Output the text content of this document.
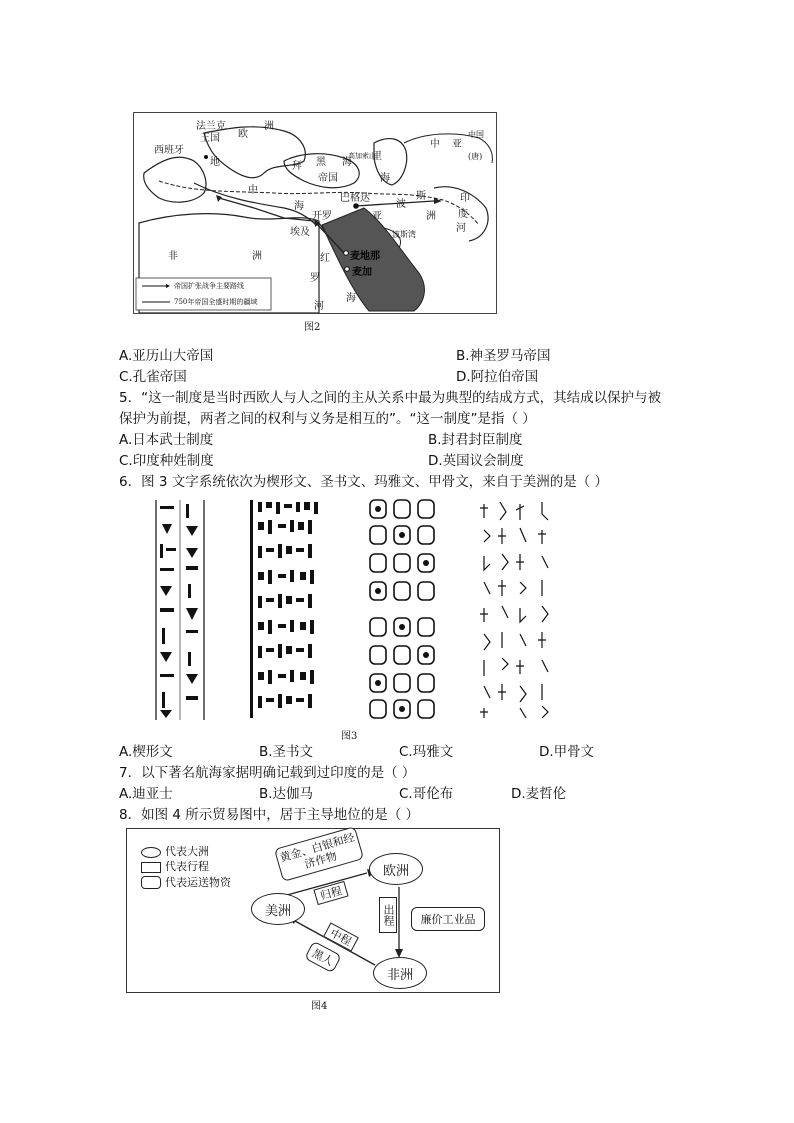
法兰克
王国 欧
洲
西班牙
地
中
海
黑 海
拜
帝国
高加索山
里
海
中 亚
中国
(唐)
巴格达
亚
波
斯
洲
印
度
河
开罗
埃及
非	洲	红
罗
河
麦地那
麦加
海
波斯湾
帝国扩张战争主要路线
750年帝国全盛时期的疆域
图2
A.亚历山大帝国	B.神圣罗马帝国
C.孔雀帝国	D.阿拉伯帝国
5．“这一制度是当时西欧人与人之间的主从关系中最为典型的结成方式，其结成以保护与被
保护为前提，两者之间的权利与义务是相互的”。“这一制度”是指（ ）
A.日本武士制度	B.封君封臣制度
C.印度种姓制度	D.英国议会制度
6．图 3 文字系统依次为楔形文、圣书文、玛雅文、甲骨文，来自于美洲的是（ ）
图3
A.楔形文	B.圣书文	C.玛雅文	D.甲骨文
7．以下著名航海家据明确记载到过印度的是（ ）
A.迪亚士	B.达伽马	C.哥伦布	D.麦哲伦
8．如图 4 所示贸易图中，居于主导地位的是（ ）
代表大洲
代表行程
代表运送物资
欧洲
美洲
非洲
黄金、白银和经济作物
归程
出程	廉价工业品
中程
黑人
图4
